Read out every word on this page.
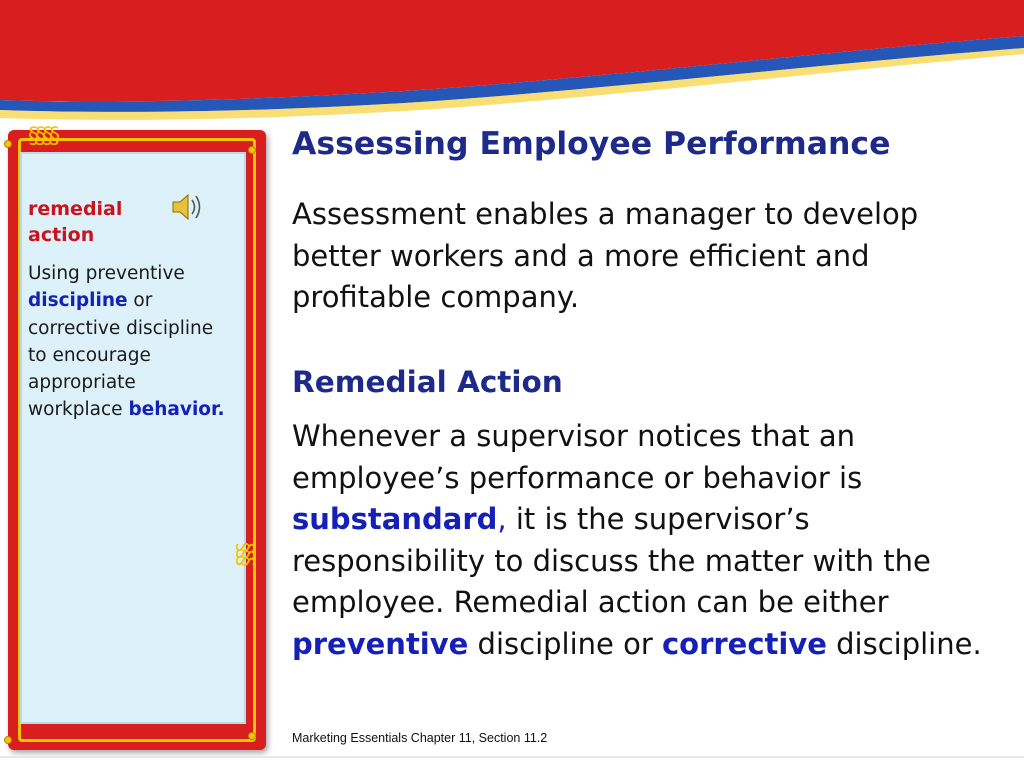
§§§§
§§§
remedial action
Using preventive discipline or corrective discipline to encourage appropriate workplace behavior.
Assessing Employee Performance
Assessment enables a manager to develop better workers and a more efficient and profitable company.
Remedial Action
Whenever a supervisor notices that an employee’s performance or behavior is substandard, it is the supervisor’s responsibility to discuss the matter with the employee. Remedial action can be either preventive discipline or corrective discipline.
Marketing Essentials Chapter 11, Section 11.2
